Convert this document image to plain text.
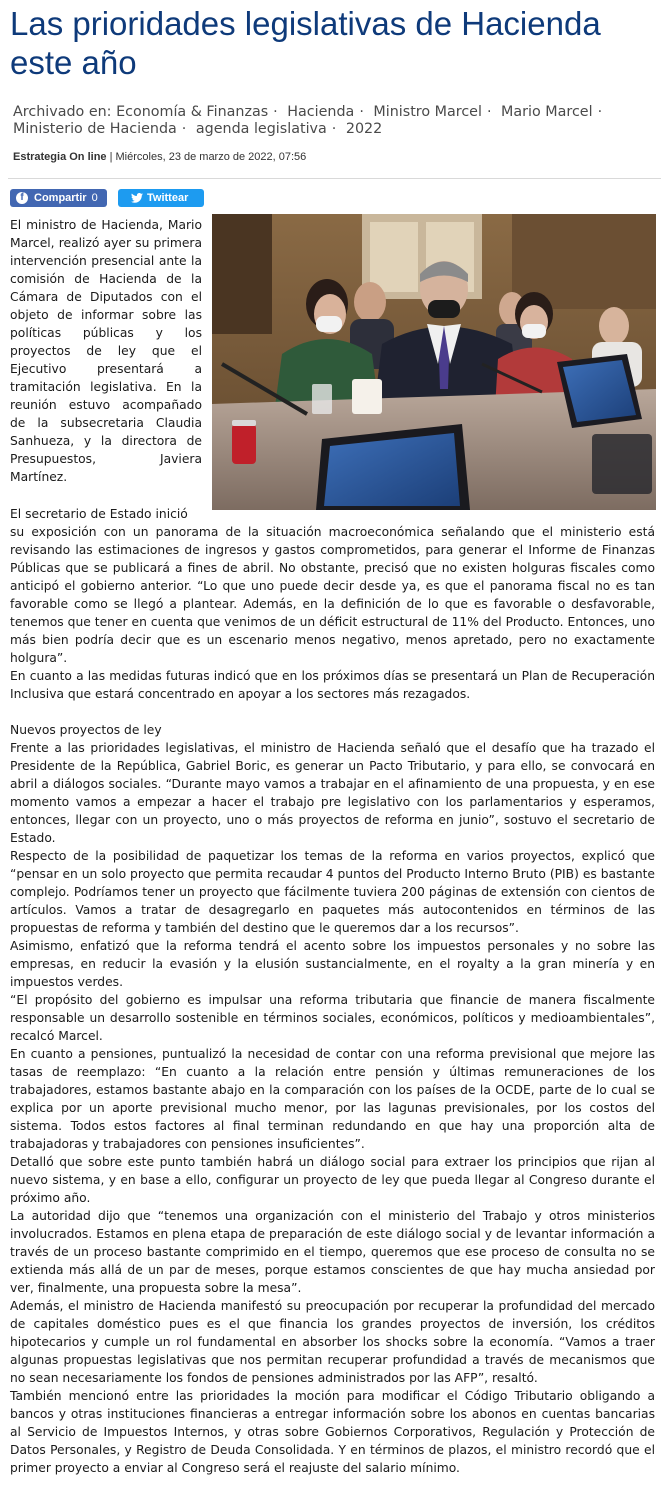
Las prioridades legislativas de Hacienda este año
Archivado en: Economía & Finanzas · Hacienda · Ministro Marcel · Mario Marcel · Ministerio de Hacienda · agenda legislativa · 2022
Estrategia On line | Miércoles, 23 de marzo de 2022, 07:56
f Compartir 0	Twittear
El ministro de Hacienda, Mario Marcel, realizó ayer su primera intervención presencial ante la comisión de Hacienda de la Cámara de Diputados con el objeto de informar sobre las políticas públicas y los proyectos de ley que el Ejecutivo presentará a tramitación legislativa. En la reunión estuvo acompañado de la subsecretaria Claudia Sanhueza, y la directora de Presupuestos, Javiera Martínez.

El secretario de Estado inició
su exposición con un panorama de la situación macroeconómica señalando que el ministerio está revisando las estimaciones de ingresos y gastos comprometidos, para generar el Informe de Finanzas Públicas que se publicará a fines de abril. No obstante, precisó que no existen holguras fiscales como anticipó el gobierno anterior. “Lo que uno puede decir desde ya, es que el panorama fiscal no es tan favorable como se llegó a plantear. Además, en la definición de lo que es favorable o desfavorable, tenemos que tener en cuenta que venimos de un déficit estructural de 11% del Producto. Entonces, uno más bien podría decir que es un escenario menos negativo, menos apretado, pero no exactamente holgura”.

En cuanto a las medidas futuras indicó que en los próximos días se presentará un Plan de Recuperación Inclusiva que estará concentrado en apoyar a los sectores más rezagados.

Nuevos proyectos de ley

Frente a las prioridades legislativas, el ministro de Hacienda señaló que el desafío que ha trazado el Presidente de la República, Gabriel Boric, es generar un Pacto Tributario, y para ello, se convocará en abril a diálogos sociales. “Durante mayo vamos a trabajar en el afinamiento de una propuesta, y en ese momento vamos a empezar a hacer el trabajo pre legislativo con los parlamentarios y esperamos, entonces, llegar con un proyecto, uno o más proyectos de reforma en junio”, sostuvo el secretario de Estado.

Respecto de la posibilidad de paquetizar los temas de la reforma en varios proyectos, explicó que “pensar en un solo proyecto que permita recaudar 4 puntos del Producto Interno Bruto (PIB) es bastante complejo. Podríamos tener un proyecto que fácilmente tuviera 200 páginas de extensión con cientos de artículos. Vamos a tratar de desagregarlo en paquetes más autocontenidos en términos de las propuestas de reforma y también del destino que le queremos dar a los recursos”.

Asimismo, enfatizó que la reforma tendrá el acento sobre los impuestos personales y no sobre las empresas, en reducir la evasión y la elusión sustancialmente, en el royalty a la gran minería y en impuestos verdes.

“El propósito del gobierno es impulsar una reforma tributaria que financie de manera fiscalmente responsable un desarrollo sostenible en términos sociales, económicos, políticos y medioambientales”, recalcó Marcel.

En cuanto a pensiones, puntualizó la necesidad de contar con una reforma previsional que mejore las tasas de reemplazo: “En cuanto a la relación entre pensión y últimas remuneraciones de los trabajadores, estamos bastante abajo en la comparación con los países de la OCDE, parte de lo cual se explica por un aporte previsional mucho menor, por las lagunas previsionales, por los costos del sistema. Todos estos factores al final terminan redundando en que hay una proporción alta de trabajadoras y trabajadores con pensiones insuficientes”.

Detalló que sobre este punto también habrá un diálogo social para extraer los principios que rijan al nuevo sistema, y en base a ello, configurar un proyecto de ley que pueda llegar al Congreso durante el próximo año.

La autoridad dijo que “tenemos una organización con el ministerio del Trabajo y otros ministerios involucrados. Estamos en plena etapa de preparación de este diálogo social y de levantar información a través de un proceso bastante comprimido en el tiempo, queremos que ese proceso de consulta no se extienda más allá de un par de meses, porque estamos conscientes de que hay mucha ansiedad por ver, finalmente, una propuesta sobre la mesa”.

Además, el ministro de Hacienda manifestó su preocupación por recuperar la profundidad del mercado de capitales doméstico pues es el que financia los grandes proyectos de inversión, los créditos hipotecarios y cumple un rol fundamental en absorber los shocks sobre la economía. “Vamos a traer algunas propuestas legislativas que nos permitan recuperar profundidad a través de mecanismos que no sean necesariamente los fondos de pensiones administrados por las AFP”, resaltó.

También mencionó entre las prioridades la moción para modificar el Código Tributario obligando a bancos y otras instituciones financieras a entregar información sobre los abonos en cuentas bancarias al Servicio de Impuestos Internos, y otras sobre Gobiernos Corporativos, Regulación y Protección de Datos Personales, y Registro de Deuda Consolidada. Y en términos de plazos, el ministro recordó que el primer proyecto a enviar al Congreso será el reajuste del salario mínimo.
